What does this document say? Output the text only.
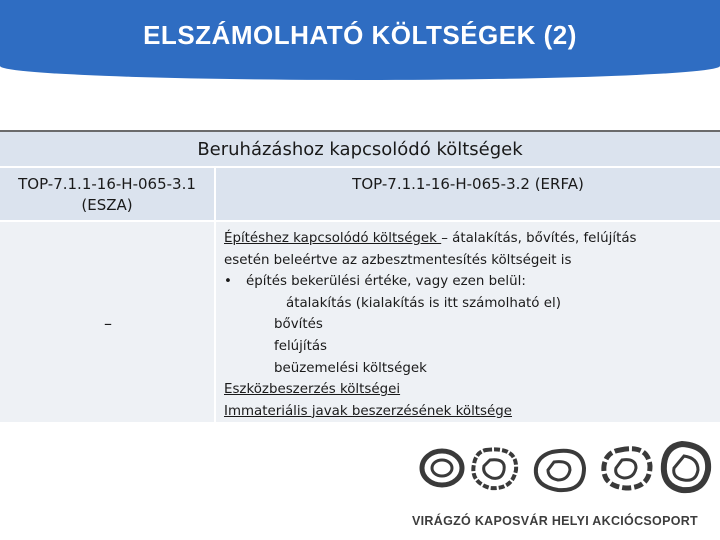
ELSZÁMOLHATÓ KÖLTSÉGEK (2)
Beruházáshoz kapcsolódó költségek
TOP-7.1.1-16-H-065-3.1 (ESZA)
TOP-7.1.1-16-H-065-3.2 (ERFA)
–
Építéshez kapcsolódó költségek – átalakítás, bővítés, felújítás
esetén beleértve az azbesztmentesítés költségeit is
• építés bekerülési értéke, vagy ezen belül:
átalakítás (kialakítás is itt számolható el)
bővítés
felújítás
beüzemelési költségek
Eszközbeszerzés költségei
Immateriális javak beszerzésének költsége
VIRÁGZÓ KAPOSVÁR HELYI AKCIÓCSOPORT
